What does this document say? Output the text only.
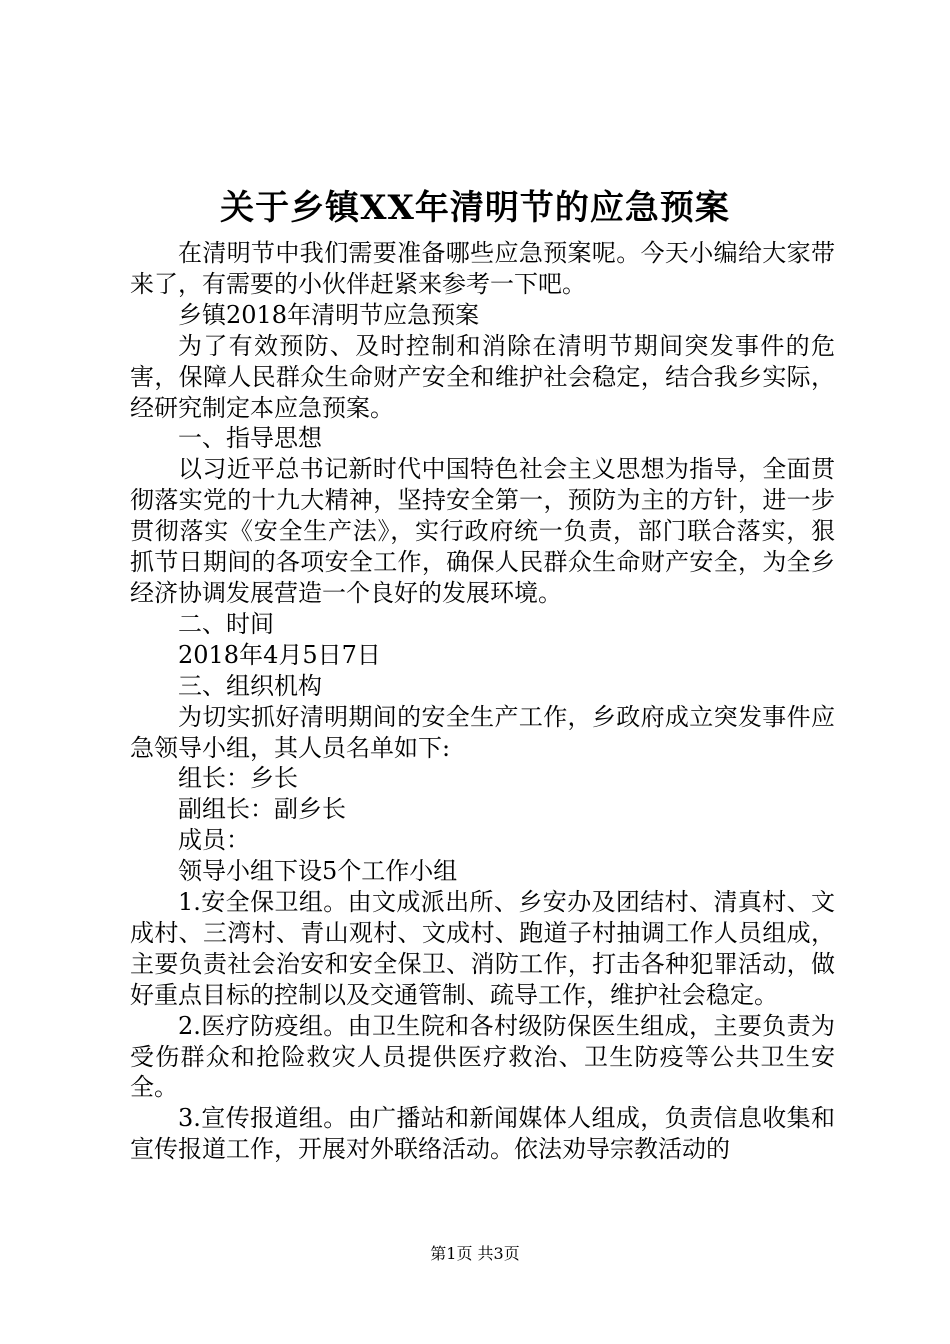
关于乡镇XX年清明节的应急预案

在清明节中我们需要准备哪些应急预案呢。今天小编给大家带来了，有需要的小伙伴赶紧来参考一下吧。

乡镇2018年清明节应急预案

为了有效预防、及时控制和消除在清明节期间突发事件的危害，保障人民群众生命财产安全和维护社会稳定，结合我乡实际，经研究制定本应急预案。

一、指导思想

以习近平总书记新时代中国特色社会主义思想为指导，全面贯彻落实党的十九大精神，坚持安全第一，预防为主的方针，进一步贯彻落实《安全生产法》，实行政府统一负责，部门联合落实，狠抓节日期间的各项安全工作，确保人民群众生命财产安全，为全乡经济协调发展营造一个良好的发展环境。

二、时间

2018年4月5日7日

三、组织机构

为切实抓好清明期间的安全生产工作，乡政府成立突发事件应急领导小组，其人员名单如下:

组长：乡长

副组长：副乡长

成员：

领导小组下设5个工作小组

1.安全保卫组。由文成派出所、乡安办及团结村、清真村、文成村、三湾村、青山观村、文成村、跑道子村抽调工作人员组成，主要负责社会治安和安全保卫、消防工作，打击各种犯罪活动，做好重点目标的控制以及交通管制、疏导工作，维护社会稳定。

2.医疗防疫组。由卫生院和各村级防保医生组成，主要负责为受伤群众和抢险救灾人员提供医疗救治、卫生防疫等公共卫生安全。

3.宣传报道组。由广播站和新闻媒体人组成，负责信息收集和宣传报道工作，开展对外联络活动。依法劝导宗教活动的

第1页 共3页
